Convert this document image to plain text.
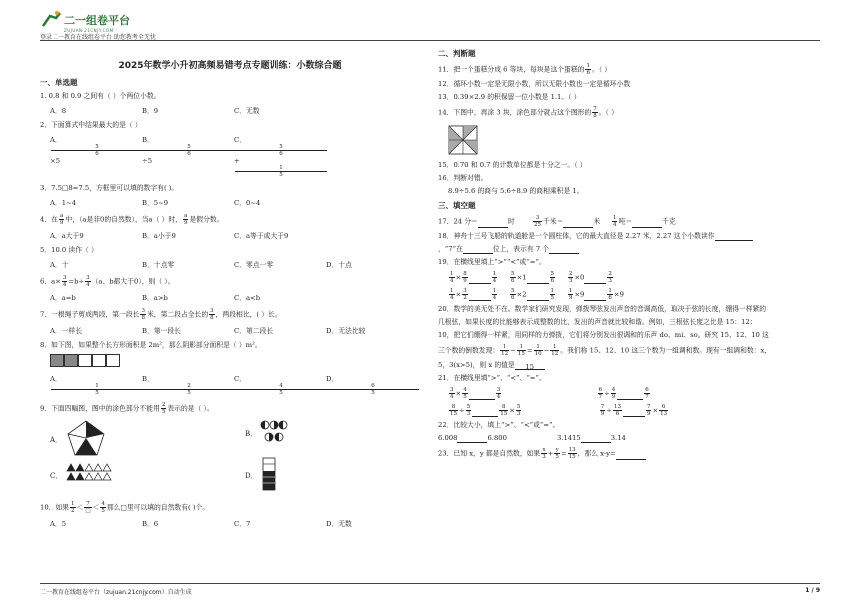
二一组卷平台
ZUJUAN.21CNJY.COM
登录二一教育在线组卷平台 助您教考全无忧
2025年数学小升初高频易错考点专题训练：小数综合题
一、单选题
1. 0.8 和 0.9 之间有（ ）个两位小数。
A．8	B．9	C．无数
2．下面算式中结果最大的是（ ）
A．
$\frac{5}{6}$
×5
B．
$\frac{5}{6}$
÷5
C．
$\frac{5}{6}$
+
$\frac{1}{5}$
3．7.5□8=7.5，方框里可以填的数字有( )。
A．1~4	B．5~9	C．0~4
4．在 $\frac{a}{9}$ 中，（a是非0的自然数），当a（ ）时， $\frac{a}{9}$ 是假分数。
A．a大于9	B．a小于9	C．a等于或大于9
5．10.0 读作（ ）
A．十	B．十点零	C．零点一零	D．十点
6．$a\times \frac{3}{4} =b\div \frac{3}{4} (a$、b都大于0），则（ ）。
A．a=b	B．a>b	C．a<b
7．一根绳子剪成两段，第一段长 $\frac{3}{8}$ 米，第二段占全长的 $\frac{3}{8}$ ，两段相比，( ）长。
A．一样长	B．第一段长	C．第二段长	D．无法比较
8．如下图，如果整个长方形面积是 2m²，那么阴影部分面积是（ ）m²。
A．
$\frac{1}{5}$
B．
$\frac{2}{5}$
C．
$\frac{4}{5}$
D．
$\frac{6}{5}$
9．下面四幅图，图中的涂色部分不能用 $\frac{2}{5}$ 表示的是（ ）。
A．
B．
C．	D．
10．如果 $\frac{1}{2} < 7$
□ ＜ $\frac{4}{5}$ 那么□里可以填的自然数有( )个。
A．5	B．6	C．7	D．无数
二、判断题
11．把一个蛋糕分成 6 等块，每块是这个蛋糕的 $\frac{1}{6}$ 。（ ）
12．循环小数一定是无限小数，所以无限小数也一定是循环小数
13．0.39×2.9 的积保留一位小数是 1.1。（ ）
14．下图中，再涂 3 块，涂色部分就占这个图形的 $\frac{7}{8}$ 。（ ）
15．0.70 和 0.7 的计数单位都是十分之一。（ ）
16．判断对错。
8.9÷5.6 的商与 5.6÷8.9 的商相乘积是 1。
三、填空题
17．24 分＝	时	$\frac{3}{25}$ 千米＝	米 $\frac{1}{4}$ 吨＝	千克
18．神舟十三号飞船的轨道舱是一个圆柱体，它的最大直径是 2.27 米，2.27 这个小数读作
，“7”在	位上，表示有 7 个
19．在横线里填上“>”“<”或“=”。
$\frac{1}{4} \times \frac{8}{9}$	$\frac{1}{4}$
$\frac{5}{6} \times 1$	$\frac{5}{6}$
$\frac{2}{3} \times 0$	$\frac{2}{3}$
$\frac{1}{4} \times \frac{3}{2}$	$\frac{1}{4}$
$\frac{5}{6} \times 2$	$\frac{1}{5}$
$\frac{1}{9} \times 9$	$\frac{1}{6} \times 9$
20．数学的美无处不在。数学家们研究发现，弹拨琴弦发出声音的音调高低，取决于弦的长度，绷得一样紧的
几根弦，如果长度的比能够表示成整数的比，发出的声音就比较和谐。例如，三根弦长度之比是 15：12：
10，把它们绷得一样紧，用同样的力弹拨，它们将分别发出很调和的乐声 do、mi、so。研究 15、12、10 这
三个数的倒数发现： $\frac{1}{12} - \frac{1}{15} = \frac{1}{10} - \frac{1}{12}$ 。我们称 15、12、10 这三个数为一组调和数。现有一组调和数：x，
5，3(x>5)，则 x 的值是 15
21．在横线里填“>”、“<”、“=”。
$\frac{3}{4} \times \frac{4}{5}$	$\frac{3}{4}$
	$\frac{6}{7} \div \frac{4}{9}$	$\frac{6}{7}$
$\frac{8}{15} \div \frac{5}{3}$	$\frac{8}{15} \times \frac{5}{3}$
	$\frac{7}{9} \div \frac{13}{6}$	$\frac{7}{9} \times \frac{6}{13}$
22．比较大小，填上“>”、“<”或“=”。
6.008	6.800	3.1415	3.14
23．已知 x，y 都是自然数，如果 $\frac{x}{3} + \frac{y}{5} = \frac{13}{15}$ ，那么 x-y=
二一教育在线组卷平台（zujuan.21cnjy.com）自动生成	1 / 9
